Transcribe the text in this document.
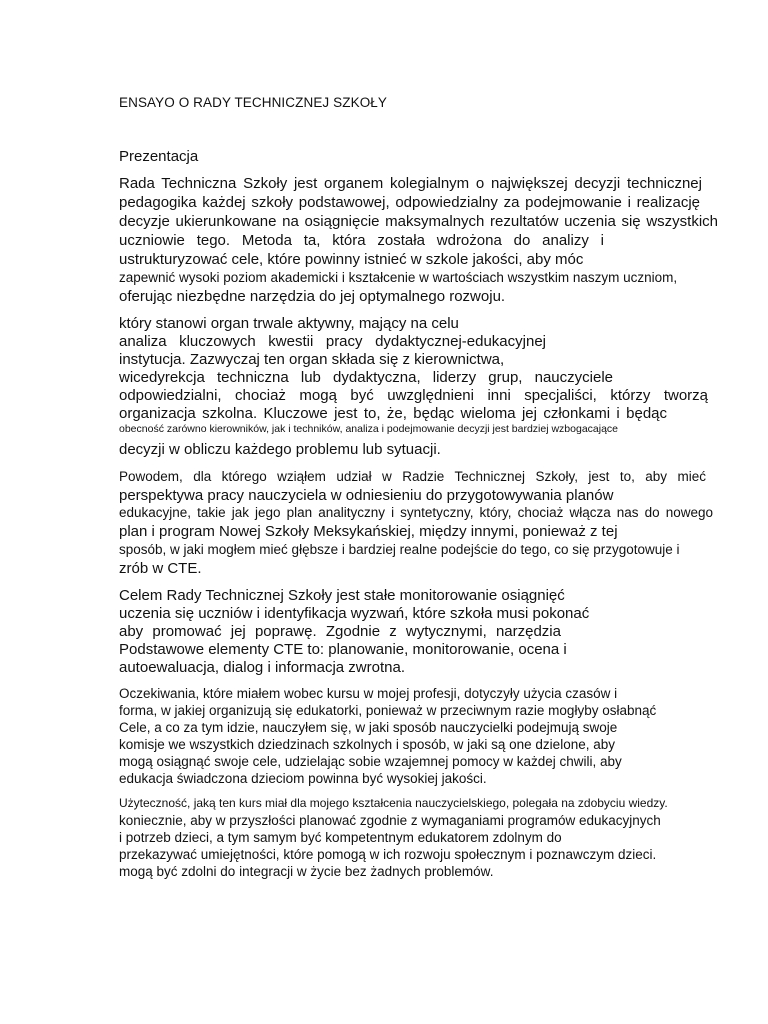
ENSAYO O RADY TECHNICZNEJ SZKOŁY
Prezentacja
Rada Techniczna Szkoły jest organem kolegialnym o największej decyzji technicznej
pedagogika każdej szkoły podstawowej, odpowiedzialny za podejmowanie i realizację
decyzje ukierunkowane na osiągnięcie maksymalnych rezultatów uczenia się wszystkich
uczniowie tego. Metoda ta, która została wdrożona do analizy i
ustrukturyzować cele, które powinny istnieć w szkole jakości, aby móc
zapewnić wysoki poziom akademicki i kształcenie w wartościach wszystkim naszym uczniom,
oferując niezbędne narzędzia do jej optymalnego rozwoju.
który stanowi organ trwale aktywny, mający na celu
analiza kluczowych kwestii pracy dydaktycznej-edukacyjnej
instytucja. Zazwyczaj ten organ składa się z kierownictwa,
wicedyrekcja techniczna lub dydaktyczna, liderzy grup, nauczyciele
odpowiedzialni, chociaż mogą być uwzględnieni inni specjaliści, którzy tworzą
organizacja szkolna. Kluczowe jest to, że, będąc wieloma jej członkami i będąc
obecność zarówno kierowników, jak i techników, analiza i podejmowanie decyzji jest bardziej wzbogacające
decyzji w obliczu każdego problemu lub sytuacji.
Powodem, dla którego wziąłem udział w Radzie Technicznej Szkoły, jest to, aby mieć
perspektywa pracy nauczyciela w odniesieniu do przygotowywania planów
edukacyjne, takie jak jego plan analityczny i syntetyczny, który, chociaż włącza nas do nowego
plan i program Nowej Szkoły Meksykańskiej, między innymi, ponieważ z tej
sposób, w jaki mogłem mieć głębsze i bardziej realne podejście do tego, co się przygotowuje i
zrób w CTE.
Celem Rady Technicznej Szkoły jest stałe monitorowanie osiągnięć
uczenia się uczniów i identyfikacja wyzwań, które szkoła musi pokonać
aby promować jej poprawę. Zgodnie z wytycznymi, narzędzia
Podstawowe elementy CTE to: planowanie, monitorowanie, ocena i
autoewaluacja, dialog i informacja zwrotna.
Oczekiwania, które miałem wobec kursu w mojej profesji, dotyczyły użycia czasów i
forma, w jakiej organizują się edukatorki, ponieważ w przeciwnym razie mogłyby osłabnąć
Cele, a co za tym idzie, nauczyłem się, w jaki sposób nauczycielki podejmują swoje
komisje we wszystkich dziedzinach szkolnych i sposób, w jaki są one dzielone, aby
mogą osiągnąć swoje cele, udzielając sobie wzajemnej pomocy w każdej chwili, aby
edukacja świadczona dzieciom powinna być wysokiej jakości.
Użyteczność, jaką ten kurs miał dla mojego kształcenia nauczycielskiego, polegała na zdobyciu wiedzy.
koniecznie, aby w przyszłości planować zgodnie z wymaganiami programów edukacyjnych
i potrzeb dzieci, a tym samym być kompetentnym edukatorem zdolnym do
przekazywać umiejętności, które pomogą w ich rozwoju społecznym i poznawczym dzieci.
mogą być zdolni do integracji w życie bez żadnych problemów.
